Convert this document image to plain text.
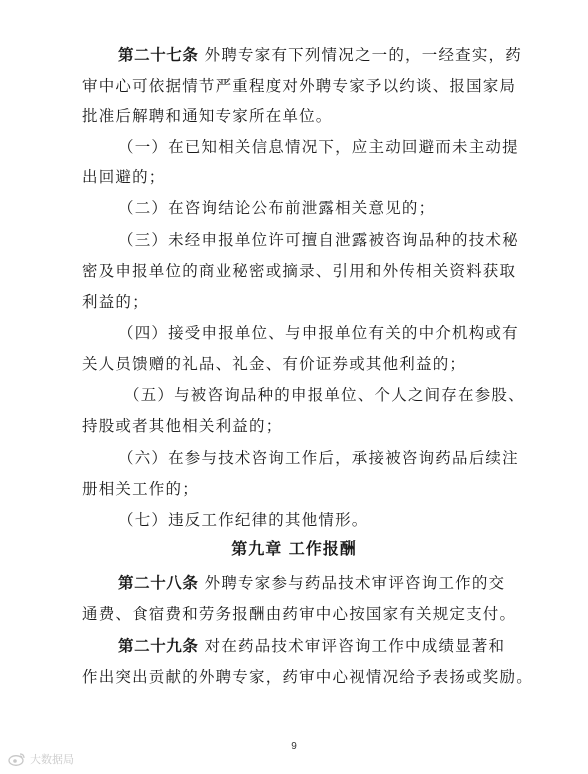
第二十七条 外聘专家有下列情况之一的，一经查实，药
审中心可依据情节严重程度对外聘专家予以约谈、报国家局
批准后解聘和通知专家所在单位。
（一）在已知相关信息情况下，应主动回避而未主动提
出回避的；
（二）在咨询结论公布前泄露相关意见的；
（三）未经申报单位许可擅自泄露被咨询品种的技术秘
密及申报单位的商业秘密或摘录、引用和外传相关资料获取
利益的；
（四）接受申报单位、与申报单位有关的中介机构或有
关人员馈赠的礼品、礼金、有价证券或其他利益的；
（五）与被咨询品种的申报单位、个人之间存在参股、
持股或者其他相关利益的；
（六）在参与技术咨询工作后，承接被咨询药品后续注
册相关工作的；
（七）违反工作纪律的其他情形。
第九章 工作报酬
第二十八条 外聘专家参与药品技术审评咨询工作的交
通费、食宿费和劳务报酬由药审中心按国家有关规定支付。
第二十九条 对在药品技术审评咨询工作中成绩显著和
作出突出贡献的外聘专家，药审中心视情况给予表扬或奖励。
9
大数据局
